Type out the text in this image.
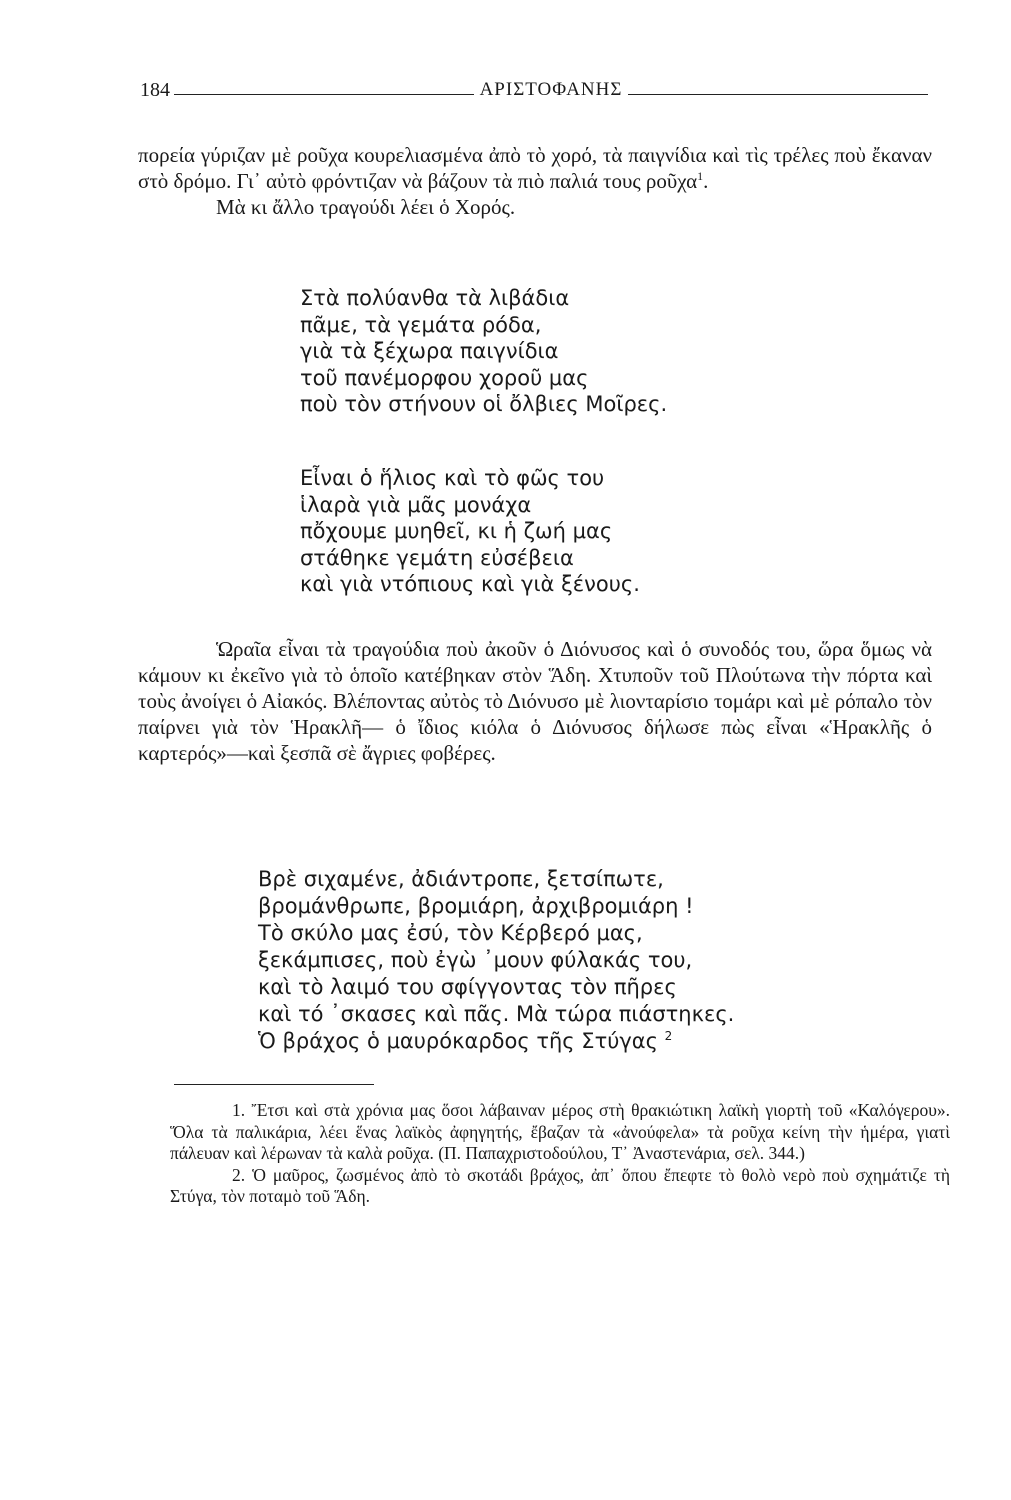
184	ΑΡΙΣΤΟΦΑΝΗΣ

πορεία γύριζαν μὲ ροῦχα κουρελιασμένα ἀπὸ τὸ χορό, τὰ παιγνίδια καὶ τὶς τρέλες ποὺ ἔκαναν στὸ δρόμο. Γι᾿ αὐτὸ φρόντιζαν νὰ βάζουν τὰ πιὸ παλιά τους ροῦχα$^1$.

Μὰ κι ἄλλο τραγούδι λέει ὁ Χορός.

Στὰ πολύανθα τὰ λιβάδια
πᾶμε, τὰ γεμάτα ρόδα,
γιὰ τὰ ξέχωρα παιγνίδια
τοῦ πανέμορφου χοροῦ μας
ποὺ τὸν στήνουν οἱ ὄλβιες Μοῖρες.
Εἶναι ὁ ἥλιος καὶ τὸ φῶς του
ἱλαρὰ γιὰ μᾶς μονάχα
πὄχουμε μυηθεῖ, κι ἡ ζωή μας
στάθηκε γεμάτη εὐσέβεια
καὶ γιὰ ντόπιους καὶ γιὰ ξένους.

Ὡραῖα εἶναι τὰ τραγούδια ποὺ ἀκοῦν ὁ Διόνυσος καὶ ὁ συνοδός του, ὥρα ὅμως νὰ κάμουν κι ἐκεῖνο γιὰ τὸ ὁποῖο κατέβηκαν στὸν Ἅδη. Χτυποῦν τοῦ Πλούτωνα τὴν πόρτα καὶ τοὺς ἀνοίγει ὁ Αἰακός. Βλέποντας αὐτὸς τὸ Διόνυσο μὲ λιονταρίσιο τομάρι καὶ μὲ ρόπαλο τὸν παίρνει γιὰ τὸν Ἡρακλῆ— ὁ ἴδιος κιόλα ὁ Διόνυσος δήλωσε πὼς εἶναι «Ἡρακλῆς ὁ καρτερός»—καὶ ξεσπᾶ σὲ ἄγριες φοβέρες.

Βρὲ σιχαμένε, ἀδιάντροπε, ξετσίπωτε,
βρομάνθρωπε, βρομιάρη, ἀρχιβρομιάρη !
Τὸ σκύλο μας ἐσύ, τὸν Κέρβερό μας,
ξεκάμπισες, ποὺ ἐγὼ ᾿μουν φύλακάς του,
καὶ τὸ λαιμό του σφίγγοντας τὸν πῆρες
καὶ τό ᾿σκασες καὶ πᾶς. Μὰ τώρα πιάστηκες.
Ὁ βράχος ὁ μαυρόκαρδος τῆς Στύγας $^2$

1. Ἔτσι καὶ στὰ χρόνια μας ὅσοι λάβαιναν μέρος στὴ θρακιώτικη λαϊκὴ γιορτὴ τοῦ «Καλόγερου». Ὅλα τὰ παλικάρια, λέει ἕνας λαϊκὸς ἀφηγητής, ἔβαζαν τὰ «ἀνούφελα» τὰ ροῦχα κείνη τὴν ἡμέρα, γιατὶ πάλευαν καὶ λέρωναν τὰ καλὰ ροῦχα. (Π. Παπαχριστοδούλου, Τ᾿ Ἀναστενάρια, σελ. 344.)

2. Ὁ μαῦρος, ζωσμένος ἀπὸ τὸ σκοτάδι βράχος, ἀπ᾿ ὅπου ἔπεφτε τὸ θολὸ νερὸ ποὺ σχημάτιζε τὴ Στύγα, τὸν ποταμὸ τοῦ Ἅδη.
